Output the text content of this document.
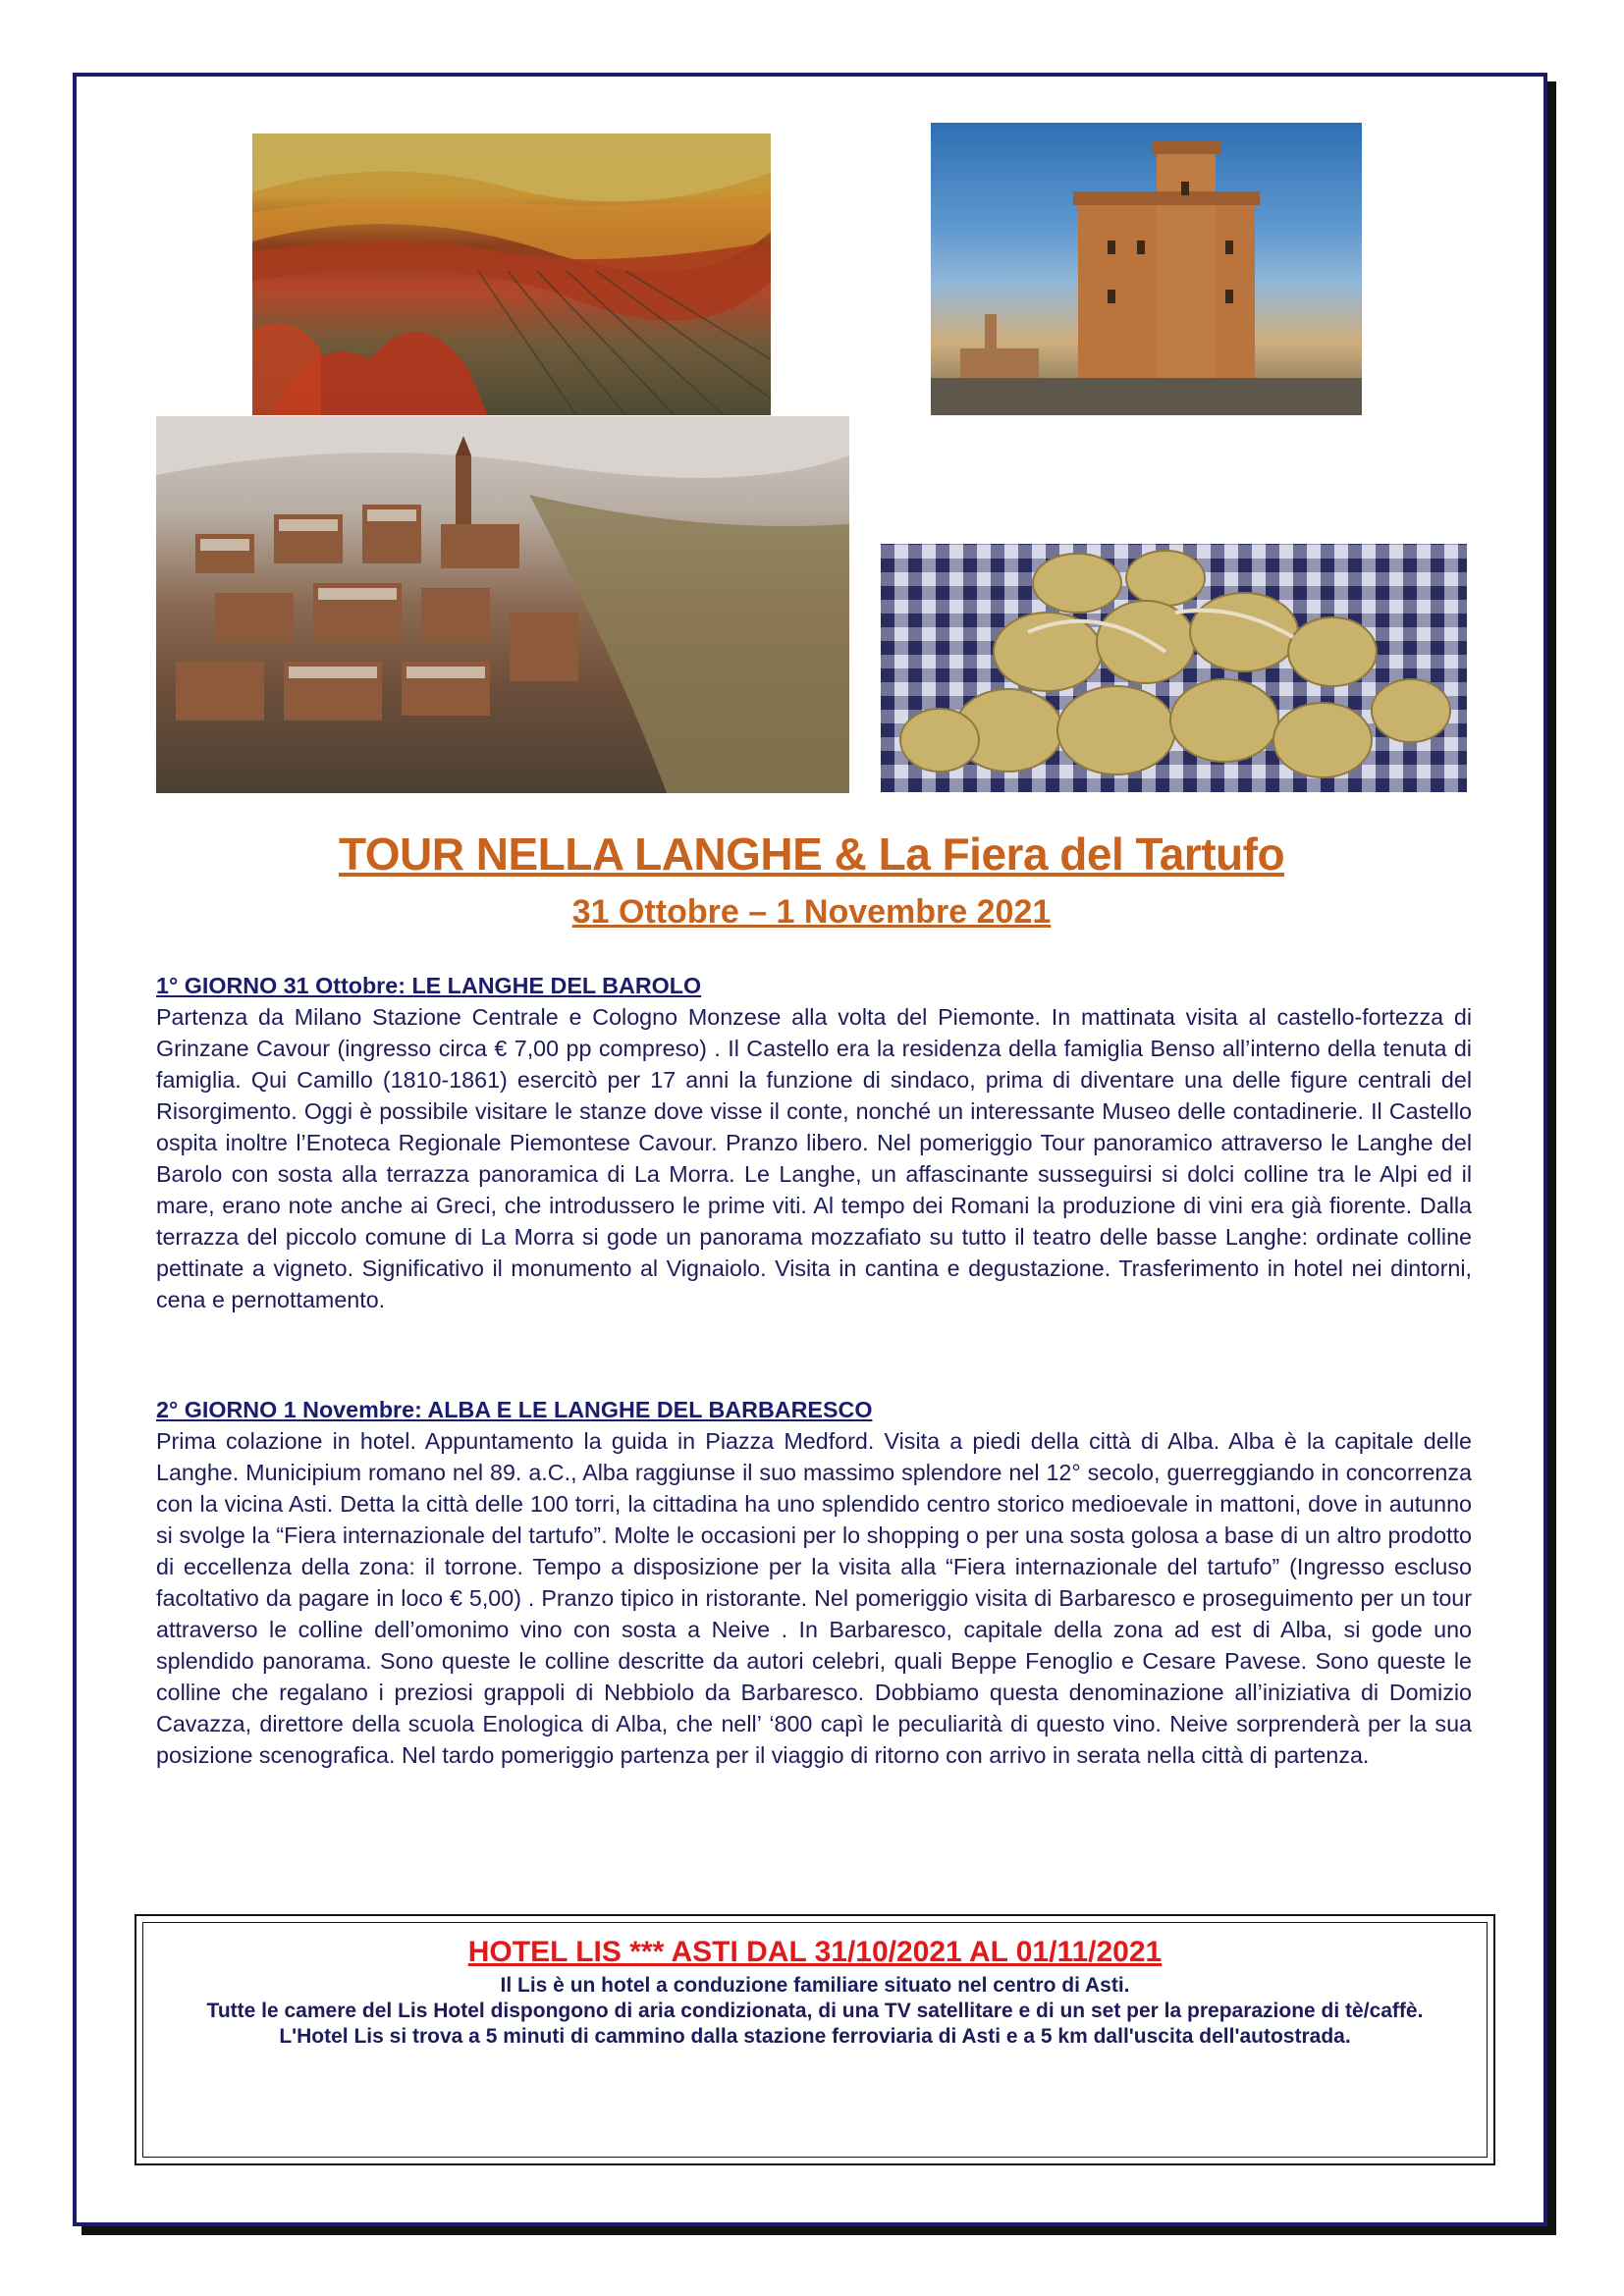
TOUR NELLA LANGHE & La Fiera del Tartufo
31 Ottobre – 1 Novembre 2021
1° GIORNO 31 Ottobre: LE LANGHE DEL BAROLO
Partenza da Milano Stazione Centrale e Cologno Monzese alla volta del Piemonte. In mattinata visita al castello-fortezza di Grinzane Cavour (ingresso circa € 7,00 pp compreso) . Il Castello era la residenza della famiglia Benso all’interno della tenuta di famiglia. Qui Camillo (1810-1861) esercitò per 17 anni la funzione di sindaco, prima di diventare una delle figure centrali del Risorgimento. Oggi è possibile visitare le stanze dove visse il conte, nonché un interessante Museo delle contadinerie. Il Castello ospita inoltre l’Enoteca Regionale Piemontese Cavour. Pranzo libero. Nel pomeriggio Tour panoramico attraverso le Langhe del Barolo con sosta alla terrazza panoramica di La Morra. Le Langhe, un affascinante susseguirsi si dolci colline tra le Alpi ed il mare, erano note anche ai Greci, che introdussero le prime viti. Al tempo dei Romani la produzione di vini era già fiorente. Dalla terrazza del piccolo comune di La Morra si gode un panorama mozzafiato su tutto il teatro delle basse Langhe: ordinate colline pettinate a vigneto. Significativo il monumento al Vignaiolo. Visita in cantina e degustazione. Trasferimento in hotel nei dintorni, cena e pernottamento.
2° GIORNO 1 Novembre: ALBA E LE LANGHE DEL BARBARESCO
Prima colazione in hotel. Appuntamento la guida in Piazza Medford. Visita a piedi della città di Alba. Alba è la capitale delle Langhe. Municipium romano nel 89. a.C., Alba raggiunse il suo massimo splendore nel 12° secolo, guerreggiando in concorrenza con la vicina Asti. Detta la città delle 100 torri, la cittadina ha uno splendido centro storico medioevale in mattoni, dove in autunno si svolge la “Fiera internazionale del tartufo”. Molte le occasioni per lo shopping o per una sosta golosa a base di un altro prodotto di eccellenza della zona: il torrone. Tempo a disposizione per la visita alla “Fiera internazionale del tartufo” (Ingresso escluso facoltativo da pagare in loco € 5,00) . Pranzo tipico in ristorante. Nel pomeriggio visita di Barbaresco e proseguimento per un tour attraverso le colline dell’omonimo vino con sosta a Neive . In Barbaresco, capitale della zona ad est di Alba, si gode uno splendido panorama. Sono queste le colline descritte da autori celebri, quali Beppe Fenoglio e Cesare Pavese. Sono queste le colline che regalano i preziosi grappoli di Nebbiolo da Barbaresco. Dobbiamo questa denominazione all’iniziativa di Domizio Cavazza, direttore della scuola Enologica di Alba, che nell’ ‘800 capì le peculiarità di questo vino. Neive sorprenderà per la sua posizione scenografica. Nel tardo pomeriggio partenza per il viaggio di ritorno con arrivo in serata nella città di partenza.
HOTEL LIS *** ASTI DAL 31/10/2021 AL 01/11/2021
Il Lis è un hotel a conduzione familiare situato nel centro di Asti.
Tutte le camere del Lis Hotel dispongono di aria condizionata, di una TV satellitare e di un set per la preparazione di tè/caffè. L'Hotel Lis si trova a 5 minuti di cammino dalla stazione ferroviaria di Asti e a 5 km dall'uscita dell'autostrada.
